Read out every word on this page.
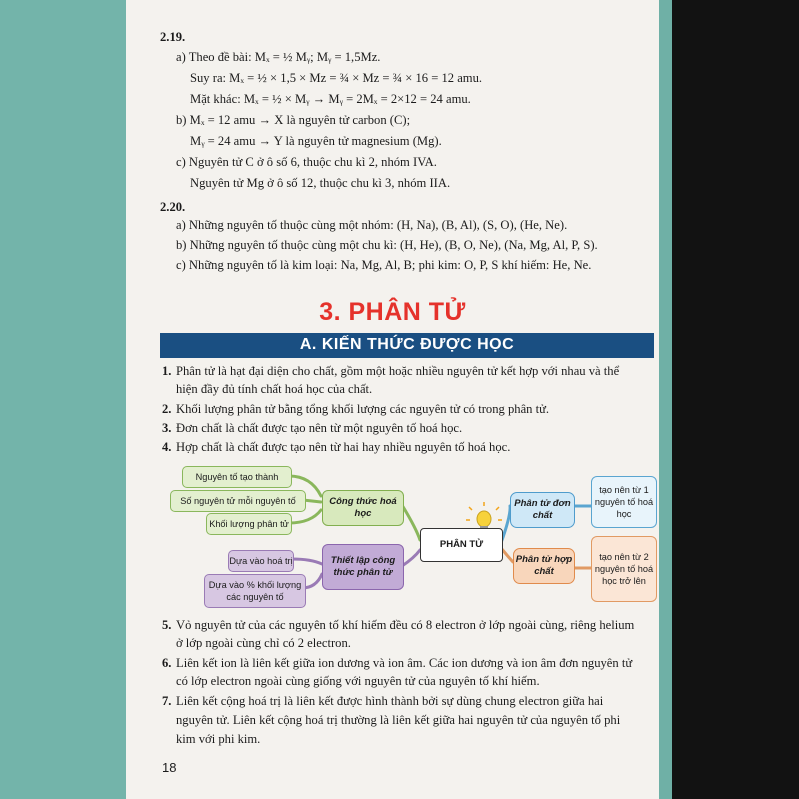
2.19.
a) Theo đề bài: Mₓ = ½ Mᵧ; Mᵧ = 1,5Mᴢ.
Suy ra: Mₓ = ½ × 1,5 × Mᴢ = ¾ × Mᴢ = ¾ × 16 = 12 amu.
Mặt khác: Mₓ = ½ × Mᵧ → Mᵧ = 2Mₓ = 2×12 = 24 amu.
b) Mₓ = 12 amu → X là nguyên tử carbon (C);
Mᵧ = 24 amu → Y là nguyên tử magnesium (Mg).
c) Nguyên tử C ở ô số 6, thuộc chu kì 2, nhóm IVA.
Nguyên tử Mg ở ô số 12, thuộc chu kì 3, nhóm IIA.
2.20.
a) Những nguyên tố thuộc cùng một nhóm: (H, Na), (B, Al), (S, O), (He, Ne).
b) Những nguyên tố thuộc cùng một chu kì: (H, He), (B, O, Ne), (Na, Mg, Al, P, S).
c) Những nguyên tố là kim loại: Na, Mg, Al, B; phi kim: O, P, S khí hiếm: He, Ne.
3. PHÂN TỬ
A. KIẾN THỨC ĐƯỢC HỌC
1. Phân tử là hạt đại diện cho chất, gồm một hoặc nhiều nguyên tử kết hợp với nhau và thể
hiện đầy đủ tính chất hoá học của chất.
2. Khối lượng phân tử bằng tổng khối lượng các nguyên tử có trong phân tử.
3. Đơn chất là chất được tạo nên từ một nguyên tố hoá học.
4. Hợp chất là chất được tạo nên từ hai hay nhiều nguyên tố hoá học.
Nguyên tố tạo thành
Số nguyên tử mỗi nguyên tố
Khối lượng phân tử
Công thức hoá học
Dựa vào hoá trị
Dựa vào % khối lượng các nguyên tố
Thiết lập công thức phân tử
PHÂN TỬ
Phân tử đơn chất
tạo nên từ 1 nguyên tố hoá học
Phân tử hợp chất
tạo nên từ 2 nguyên tố hoá học trở lên
5. Vỏ nguyên tử của các nguyên tố khí hiếm đều có 8 electron ở lớp ngoài cùng, riêng helium
ở lớp ngoài cùng chỉ có 2 electron.
6. Liên kết ion là liên kết giữa ion dương và ion âm. Các ion dương và ion âm đơn nguyên tử
có lớp electron ngoài cùng giống với nguyên tử của nguyên tố khí hiếm.
7. Liên kết cộng hoá trị là liên kết được hình thành bởi sự dùng chung electron giữa hai
nguyên tử. Liên kết cộng hoá trị thường là liên kết giữa hai nguyên tử của nguyên tố phi
kim với phi kim.
18
